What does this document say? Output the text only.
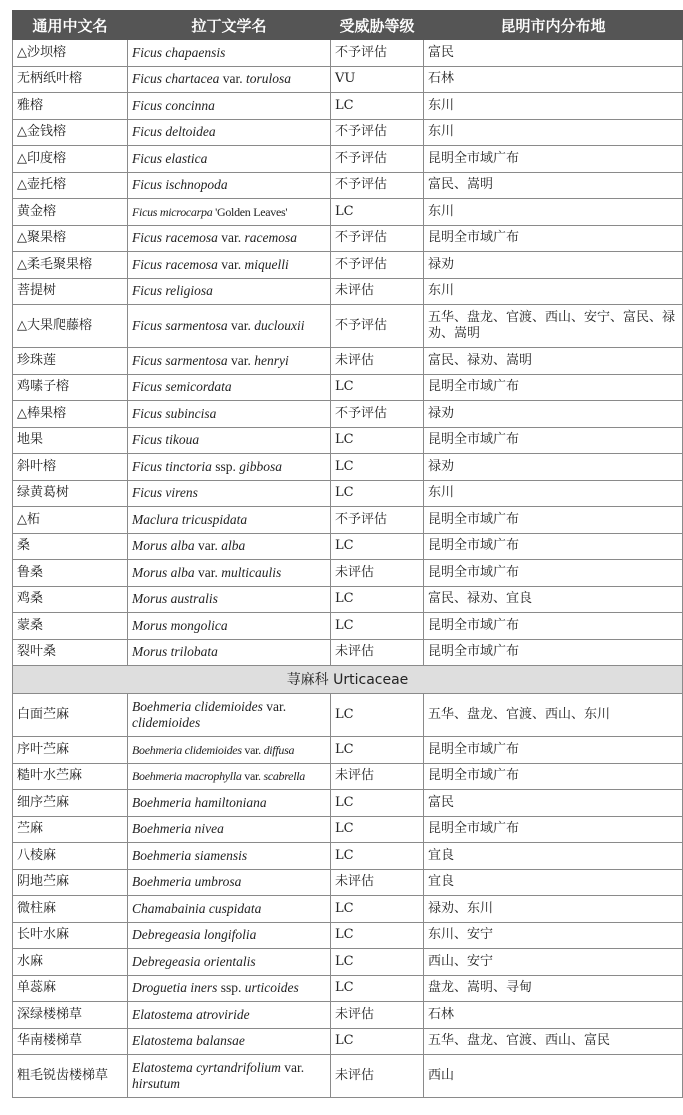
通用中文名	拉丁文学名	受威胁等级	昆明市内分布地
△沙坝榕	Ficus chapaensis	不予评估	富民
无柄纸叶榕	Ficus chartacea var. torulosa	VU	石林
雅榕	Ficus concinna	LC	东川
△金钱榕	Ficus deltoidea	不予评估	东川
△印度榕	Ficus elastica	不予评估	昆明全市域广布
△壶托榕	Ficus ischnopoda	不予评估	富民、嵩明
黄金榕	Ficus microcarpa 'Golden Leaves'	LC	东川
△聚果榕	Ficus racemosa var. racemosa	不予评估	昆明全市域广布
△柔毛聚果榕	Ficus racemosa var. miquelli	不予评估	禄劝
菩提树	Ficus religiosa	未评估	东川
△大果爬藤榕	Ficus sarmentosa var. duclouxii	不予评估	五华、盘龙、官渡、西山、安宁、富民、禄劝、嵩明
珍珠莲	Ficus sarmentosa var. henryi	未评估	富民、禄劝、嵩明
鸡嗉子榕	Ficus semicordata	LC	昆明全市域广布
△棒果榕	Ficus subincisa	不予评估	禄劝
地果	Ficus tikoua	LC	昆明全市域广布
斜叶榕	Ficus tinctoria ssp. gibbosa	LC	禄劝
绿黄葛树	Ficus virens	LC	东川
△柘	Maclura tricuspidata	不予评估	昆明全市域广布
桑	Morus alba var. alba	LC	昆明全市域广布
鲁桑	Morus alba var. multicaulis	未评估	昆明全市域广布
鸡桑	Morus australis	LC	富民、禄劝、宜良
蒙桑	Morus mongolica	LC	昆明全市域广布
裂叶桑	Morus trilobata	未评估	昆明全市域广布
荨麻科 Urticaceae			
白面苎麻	Boehmeria clidemioides var. clidemioides	LC	五华、盘龙、官渡、西山、东川
序叶苎麻	Boehmeria clidemioides var. diffusa	LC	昆明全市域广布
糙叶水苎麻	Boehmeria macrophylla var. scabrella	未评估	昆明全市域广布
细序苎麻	Boehmeria hamiltoniana	LC	富民
苎麻	Boehmeria nivea	LC	昆明全市域广布
八棱麻	Boehmeria siamensis	LC	宜良
阴地苎麻	Boehmeria umbrosa	未评估	宜良
微柱麻	Chamabainia cuspidata	LC	禄劝、东川
长叶水麻	Debregeasia longifolia	LC	东川、安宁
水麻	Debregeasia orientalis	LC	西山、安宁
单蕊麻	Droguetia iners ssp. urticoides	LC	盘龙、嵩明、寻甸
深绿楼梯草	Elatostema atroviride	未评估	石林
华南楼梯草	Elatostema balansae	LC	五华、盘龙、官渡、西山、富民
粗毛锐齿楼梯草	Elatostema cyrtandrifolium var. hirsutum	未评估	西山
